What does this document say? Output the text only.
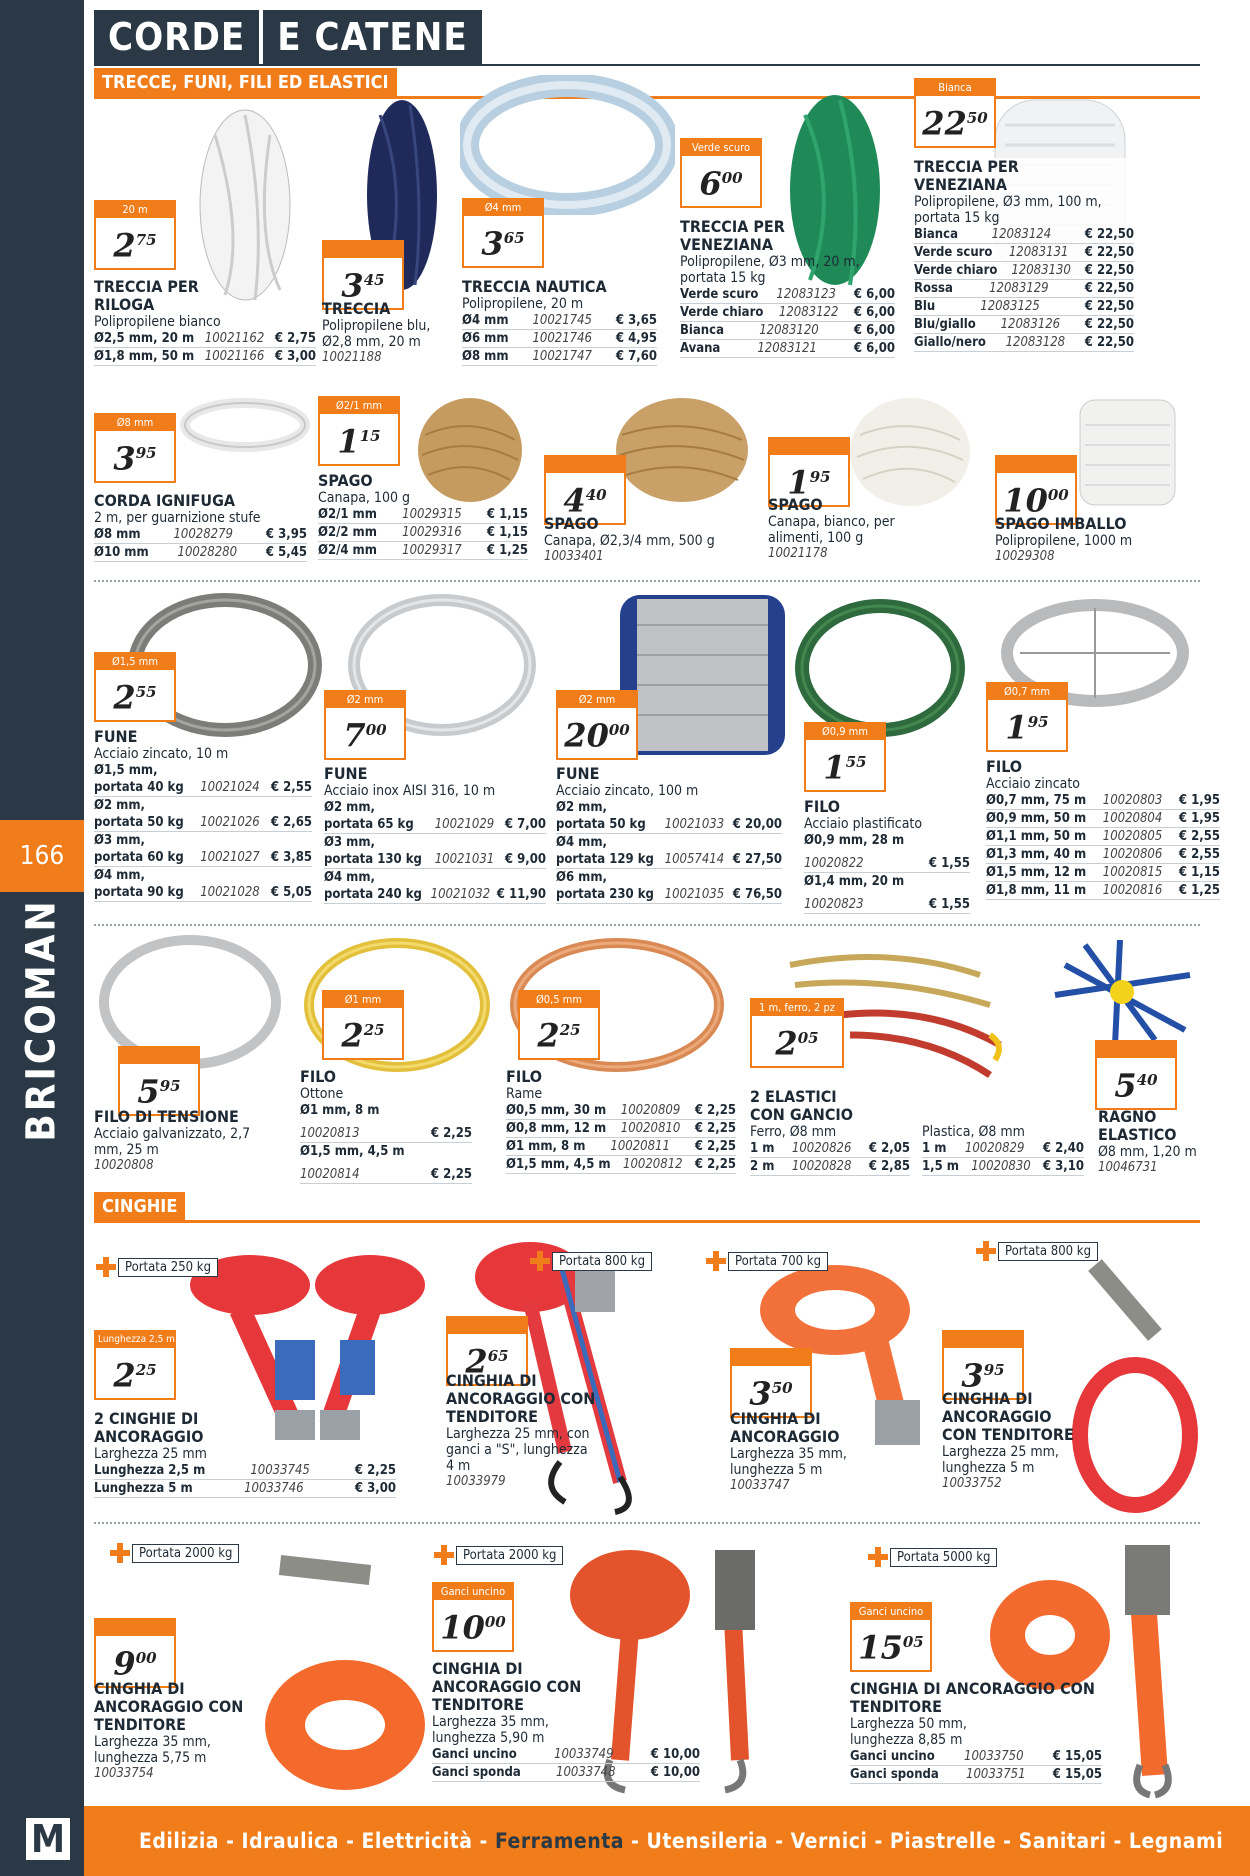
166
BRICOMAN
M
CORDE E CATENE
TRECCE, FUNI, FILI ED ELASTICI
CINGHIE
20 m
$2^{75}$

$3^{45}$
Ø4 mm
$3^{65}$
Verde scuro
$6^{00}$
Bianca
$22^{50}$
TRECCIA PER RILOGA
Polipropilene bianco
Ø2,5 mm, 20 m 10021162 € 2,75
Ø1,8 mm, 50 m 10021166 € 3,00
TRECCIA
Polipropilene blu, Ø2,8 mm, 20 m
10021188
TRECCIA NAUTICA
Polipropilene, 20 m
Ø4 mm 10021745 € 3,65
Ø6 mm 10021746 € 4,95
Ø8 mm 10021747 € 7,60
TRECCIA PER VENEZIANA
Polipropilene, Ø3 mm, 20 m, portata 15 kg
Verde scuro 12083123 € 6,00
Verde chiaro 12083122 € 6,00
Bianca	12083120	€ 6,00
Avana	12083121	€ 6,00
TRECCIA PER VENEZIANA
Polipropilene, Ø3 mm, 100 m, portata 15 kg
Bianca	12083124	€ 22,50
Verde scuro 12083131 € 22,50
Verde chiaro 12083130 € 22,50
Rossa	12083129	€ 22,50
Blu	12083125	€ 22,50
Blu/giallo 12083126 € 22,50
Giallo/nero 12083128 € 22,50
Ø8 mm
$3^{95}$
Ø2/1 mm
$1^{15}$

$4^{40}$
	$1^{95}$

$10^{00}$
CORDA IGNIFUGA
2 m, per guarnizione stufe
Ø8 mm	10028279	€ 3,95
Ø10 mm 10028280 € 5,45
SPAGO
Canapa, 100 g
Ø2/1 mm 10029315 € 1,15
Ø2/2 mm 10029316 € 1,15
Ø2/4 mm 10029317 € 1,25
SPAGO
Canapa, Ø2,3/4 mm, 500 g
10033401
SPAGO
Canapa, bianco, per alimenti, 100 g
10021178
SPAGO IMBALLO
Polipropilene, 1000 m
10029308
Ø1,5 mm
$2^{55}$	Ø2 mm
$7^{00}$
Ø2 mm
$20^{00}$	Ø0,9 mm
$1^{55}$
Ø0,7 mm
$1^{95}$
FUNE
Acciaio zincato, 10 m
Ø1,5 mm, portata 40 kg	10021024 € 2,55
Ø2 mm, portata 50 kg	10021026 € 2,65
Ø3 mm, portata 60 kg	10021027 € 3,85
Ø4 mm, portata 90 kg	10021028 € 5,05
FUNE
Acciaio inox AISI 316, 10 m
Ø2 mm, portata 65 kg	10021029 € 7,00
Ø3 mm, portata 130 kg 10021031 € 9,00
Ø4 mm, portata 240 kg 10021032 € 11,90
FUNE
Acciaio zincato, 100 m
Ø2 mm, portata 50 kg	10021033 € 20,00
Ø4 mm, portata 129 kg 10057414 € 27,50
Ø6 mm, portata 230 kg 10021035 € 76,50
FILO
Acciaio plastificato
Ø0,9 mm, 28 m
10020822	€ 1,55
Ø1,4 mm, 20 m
10020823	€ 1,55
FILO
Acciaio zincato
Ø0,7 mm, 75 m 10020803 € 1,95
Ø0,9 mm, 50 m 10020804 € 1,95
Ø1,1 mm, 50 m 10020805 € 2,55
Ø1,3 mm, 40 m 10020806 € 2,55
Ø1,5 mm, 12 m 10020815 € 1,15
Ø1,8 mm, 11 m 10020816 € 1,25

$5^{95}$
Ø1 mm
$2^{25}$
Ø0,5 mm
$2^{25}$
1 m, ferro, 2 pz
$2^{05}$

$5^{40}$
FILO DI TENSIONE
Acciaio galvanizzato, 2,7 mm, 25 m
10020808
FILO
Ottone
Ø1 mm, 8 m
10020813	€ 2,25
Ø1,5 mm, 4,5 m
10020814	€ 2,25
FILO
Rame
Ø0,5 mm, 30 m 10020809 € 2,25
Ø0,8 mm, 12 m 10020810 € 2,25
Ø1 mm, 8 m 10020811 € 2,25
Ø1,5 mm, 4,5 m 10020812 € 2,25
2 ELASTICI CON GANCIO
Ferro, Ø8 mm
1 m 10020826 € 2,05
2 m 10020828 € 2,85
Plastica, Ø8 mm
1 m 10020829 € 2,40
1,5 m 10020830 € 3,10
RAGNO ELASTICO
Ø8 mm, 1,20 m
10046731
Portata 250 kg	Portata 800 kg	Portata 700 kg
Portata 800 kg
Lunghezza 2,5 m
$2^{25}$
	$2^{65}$

$3^{50}$
	$3^{95}$
2 CINGHIE DI ANCORAGGIO
Larghezza 25 mm
Lunghezza 2,5 m	10033745	€ 2,25
Lunghezza 5 m	10033746	€ 3,00
CINGHIA DI ANCORAGGIO CON TENDITORE
Larghezza 25 mm, con ganci a "S", lunghezza 4 m
10033979
CINGHIA DI ANCORAGGIO
Larghezza 35 mm, lunghezza 5 m
10033747
CINGHIA DI ANCORAGGIO CON TENDITORE
Larghezza 25 mm, lunghezza 5 m
10033752
Portata 2000 kg	Portata 2000 kg	Portata 5000 kg

$9^{00}$
Ganci uncino
$10^{00}$
Ganci uncino
$15^{05}$
CINGHIA DI ANCORAGGIO CON TENDITORE
Larghezza 35 mm, lunghezza 5,75 m
10033754
CINGHIA DI ANCORAGGIO CON TENDITORE
Larghezza 35 mm, lunghezza 5,90 m
Ganci uncino	10033749	€ 10,00
Ganci sponda	10033748	€ 10,00
CINGHIA DI ANCORAGGIO CON TENDITORE
Larghezza 50 mm, lunghezza 8,85 m
Ganci uncino 10033750 € 15,05
Ganci sponda 10033751 € 15,05
Edilizia - Idraulica - Elettricità - Ferramenta - Utensileria - Vernici - Piastrelle - Sanitari - Legnami
